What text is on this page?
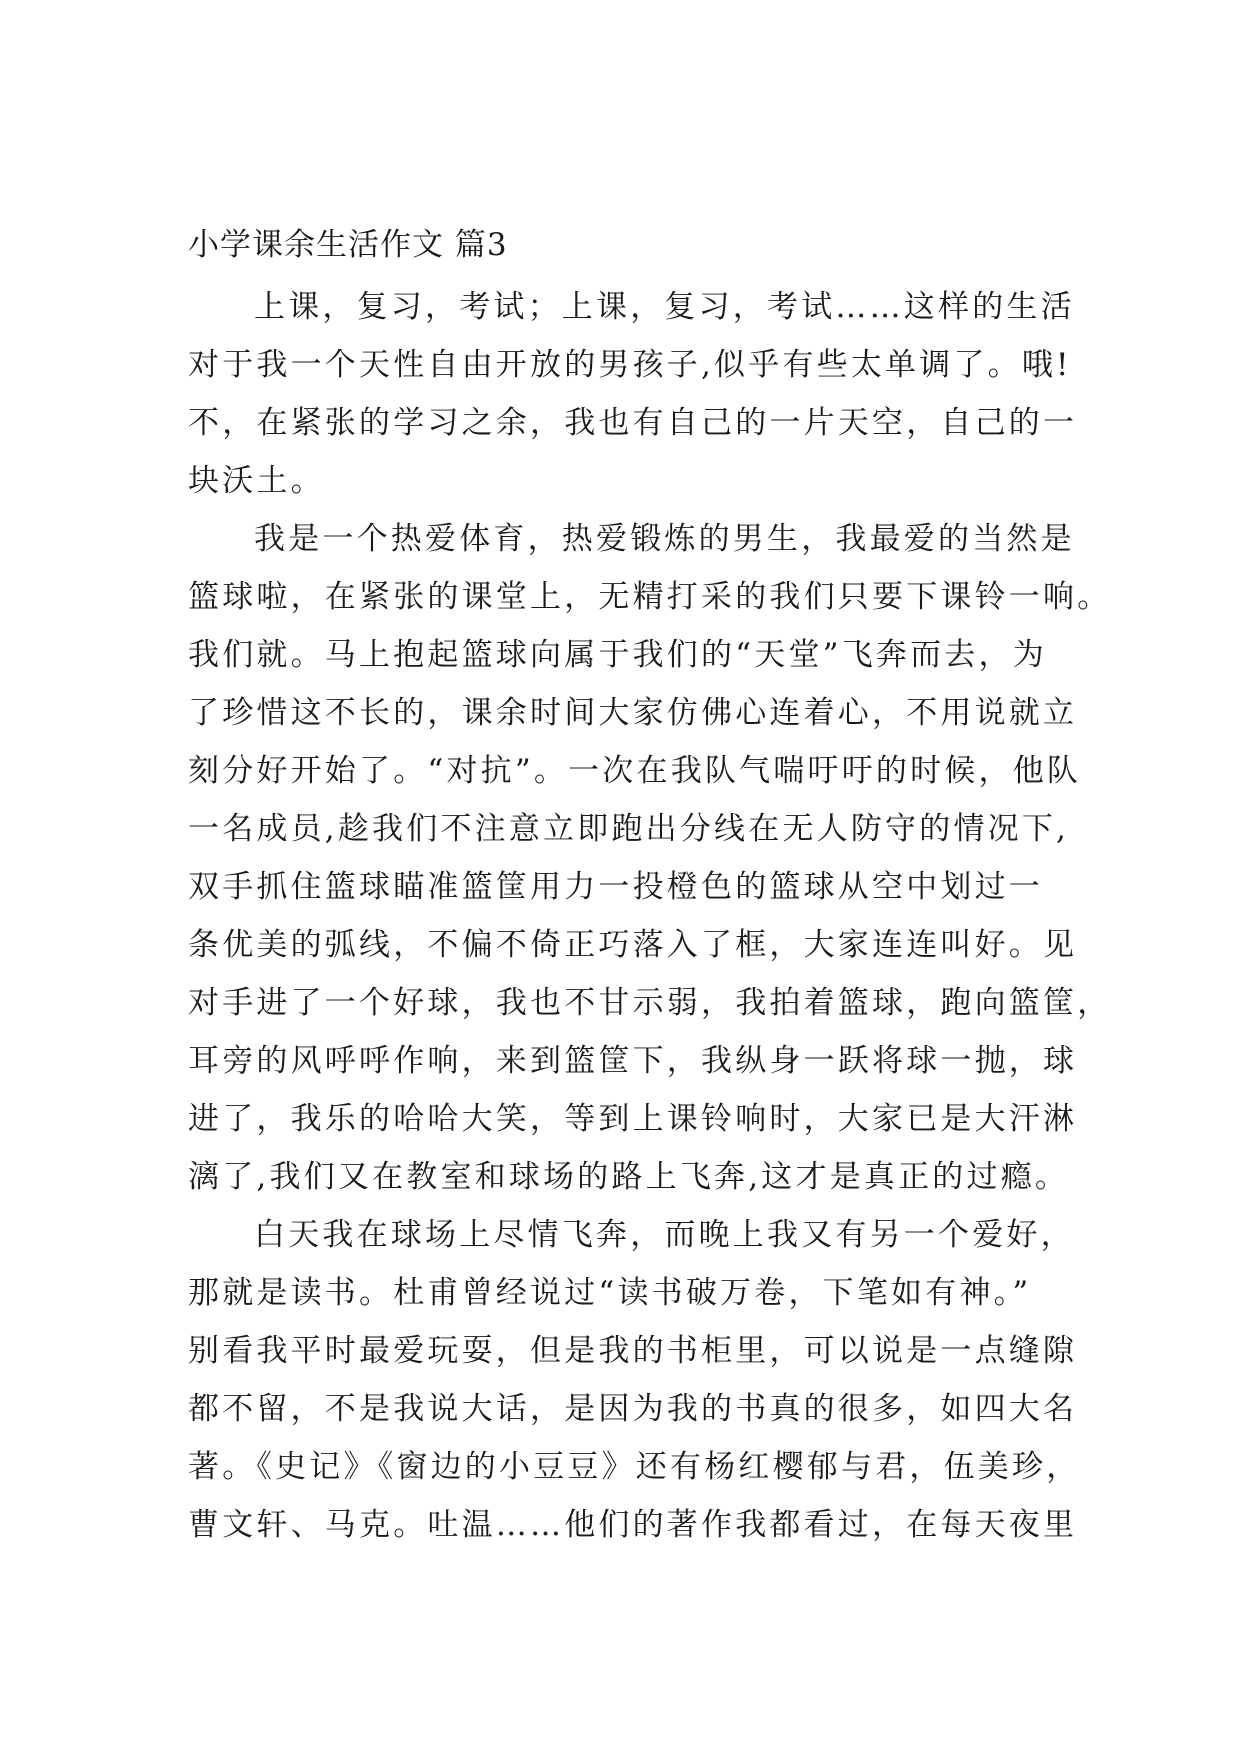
小学课余生活作文 篇3

上课，复习，考试；上课，复习，考试……这样的生活
对于我一个天性自由开放的男孩子,似乎有些太单调了。哦!
不，在紧张的学习之余，我也有自己的一片天空，自己的一
块沃土。

我是一个热爱体育，热爱锻炼的男生，我最爱的当然是
篮球啦，在紧张的课堂上，无精打采的我们只要下课铃一响。
我们就。马上抱起篮球向属于我们的“天堂”飞奔而去，为
了珍惜这不长的，课余时间大家仿佛心连着心，不用说就立
刻分好开始了。“对抗”。一次在我队气喘吁吁的时候，他队
一名成员,趁我们不注意立即跑出分线在无人防守的情况下,
双手抓住篮球瞄准篮筐用力一投橙色的篮球从空中划过一
条优美的弧线，不偏不倚正巧落入了框，大家连连叫好。见
对手进了一个好球，我也不甘示弱，我拍着篮球，跑向篮筐，
耳旁的风呼呼作响，来到篮筐下，我纵身一跃将球一抛，球
进了，我乐的哈哈大笑，等到上课铃响时，大家已是大汗淋
漓了,我们又在教室和球场的路上飞奔,这才是真正的过瘾。

白天我在球场上尽情飞奔，而晚上我又有另一个爱好，
那就是读书。杜甫曾经说过“读书破万卷，下笔如有神。”
别看我平时最爱玩耍，但是我的书柜里，可以说是一点缝隙
都不留，不是我说大话，是因为我的书真的很多，如四大名
著。《史记》《窗边的小豆豆》还有杨红樱郁与君，伍美珍，
曹文轩、马克。吐温……他们的著作我都看过，在每天夜里
